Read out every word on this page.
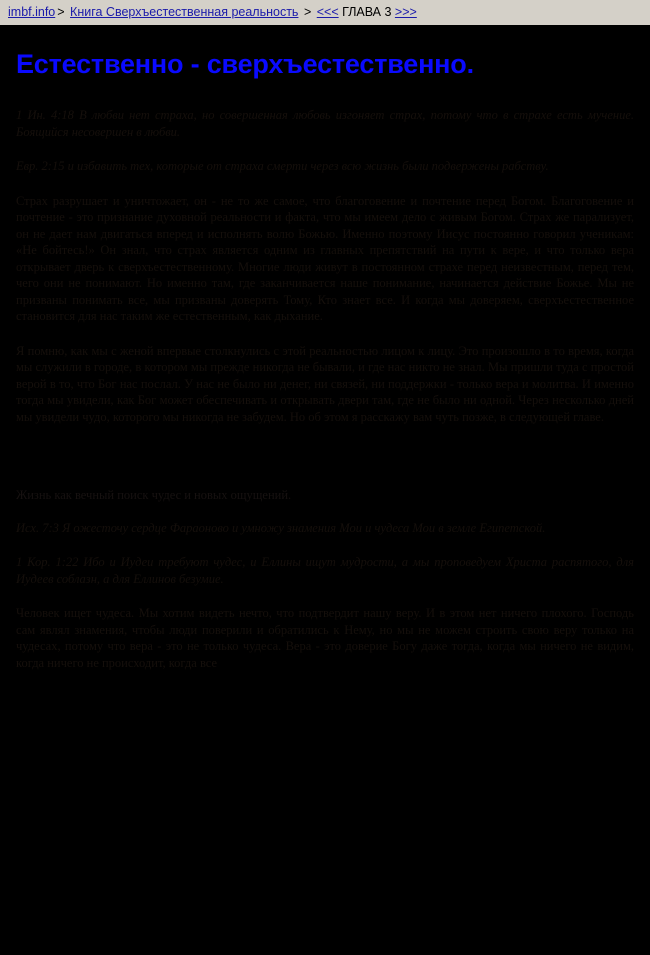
imbf.info > Книга Сверхъестественная реальность > <<< ГЛАВА 3 >>>
Естественно - сверхъестественно.

1 Ин. 4:18 В любви нет страха, но совершенная любовь изгоняет страх, потому что в страхе есть мучение. Боящийся несовершен в любви.

Евр. 2:15 и избавить тех, которые от страха смерти через всю жизнь были подвержены рабству.

Страх разрушает и уничтожает, он - не то же самое, что благоговение и почтение перед Богом. Благоговение и почтение - это признание духовной реальности и факта, что мы имеем дело с живым Богом. Страх же парализует, он не дает нам двигаться вперед и исполнять волю Божью. Именно поэтому Иисус постоянно говорил ученикам: «Не бойтесь!» Он знал, что страх является одним из главных препятствий на пути к вере, и что только вера открывает дверь к сверхъестественному. Многие люди живут в постоянном страхе перед неизвестным, перед тем, чего они не понимают. Но именно там, где заканчивается наше понимание, начинается действие Божье. Мы не призваны понимать все, мы призваны доверять Тому, Кто знает все. И когда мы доверяем, сверхъестественное становится для нас таким же естественным, как дыхание.

Я помню, как мы с женой впервые столкнулись с этой реальностью лицом к лицу. Это произошло в то время, когда мы служили в городе, в котором мы прежде никогда не бывали, и где нас никто не знал. Мы пришли туда с простой верой в то, что Бог нас послал. У нас не было ни денег, ни связей, ни поддержки - только вера и молитва. И именно тогда мы увидели, как Бог может обеспечивать и открывать двери там, где не было ни одной. Через несколько дней мы увидели чудо, которого мы никогда не забудем. Но об этом я расскажу вам чуть позже, в следующей главе.

Жизнь как вечный поиск чудес и новых ощущений.

Исх. 7:3 Я ожесточу сердце Фараоново и умножу знамения Мои и чудеса Мои в земле Египетской.

1 Кор. 1:22 Ибо и Иудеи требуют чудес, и Еллины ищут мудрости, а мы проповедуем Христа распятого, для Иудеев соблазн, а для Еллинов безумие.

Человек ищет чудеса. Мы хотим видеть нечто, что подтвердит нашу веру. И в этом нет ничего плохого. Господь сам являл знамения, чтобы люди поверили и обратились к Нему, но мы не можем строить свою веру только на чудесах, потому что вера - это не только чудеса. Вера - это доверие Богу даже тогда, когда мы ничего не видим, когда ничего не происходит, когда все
